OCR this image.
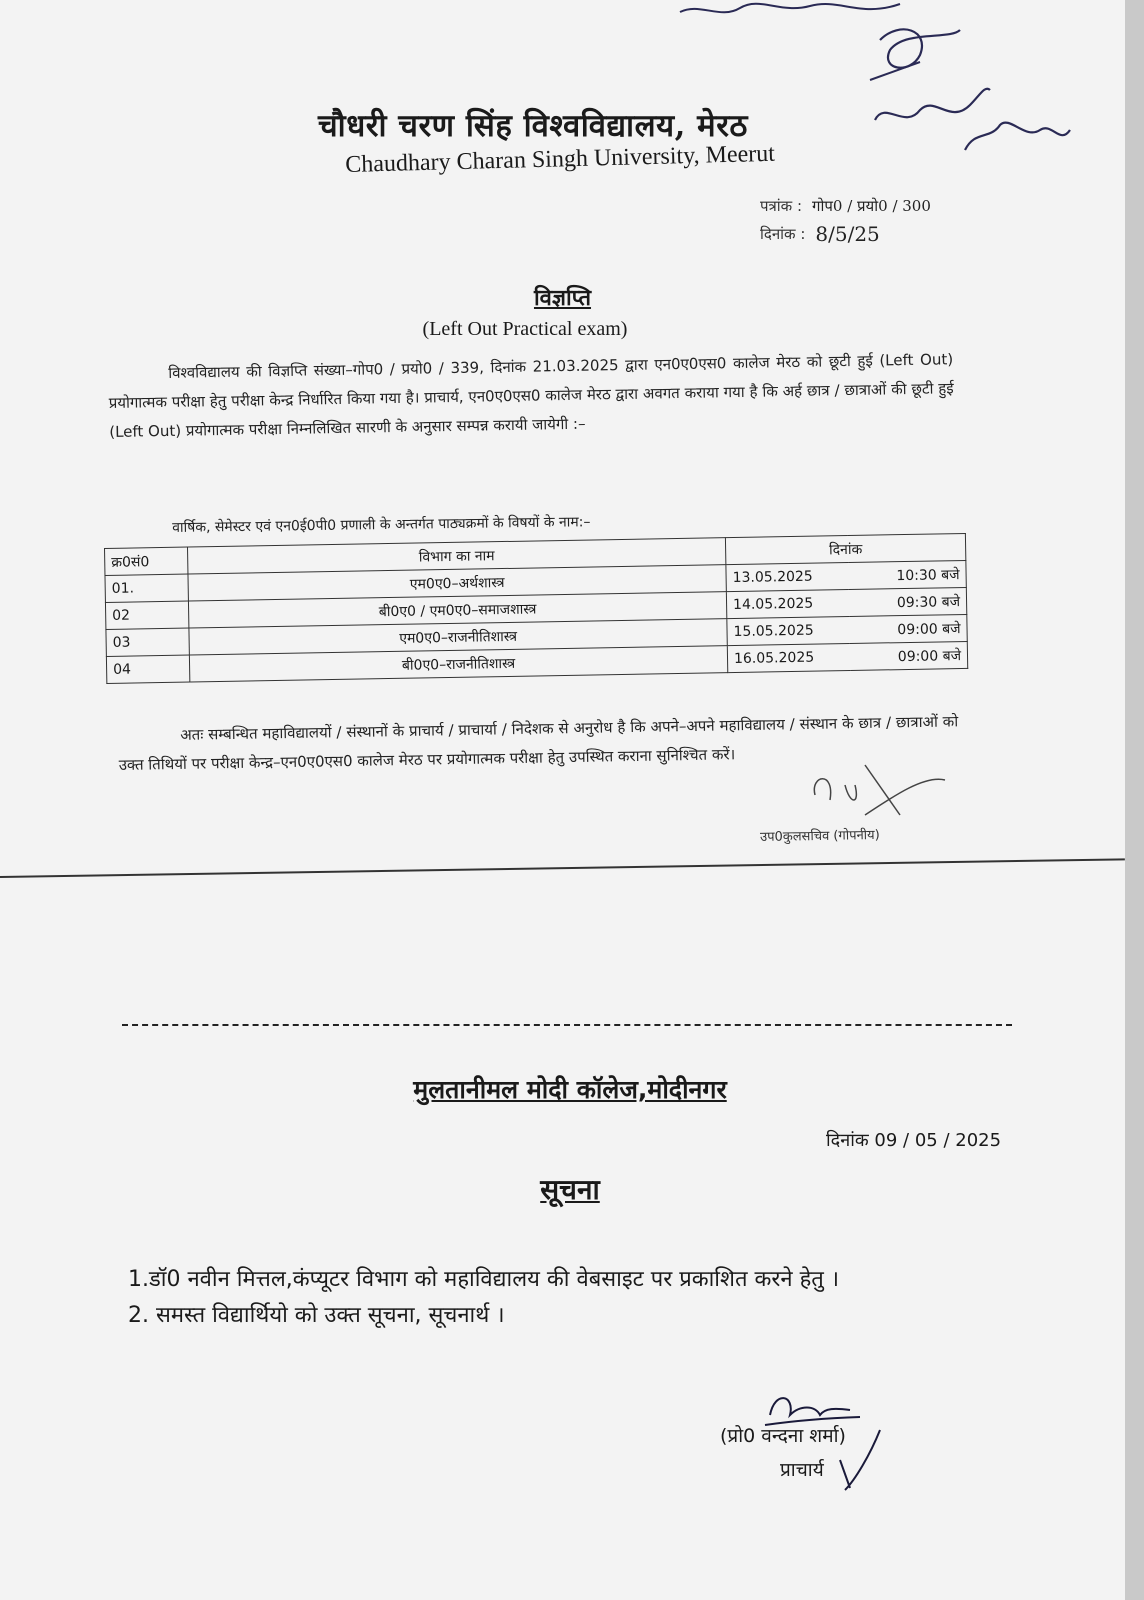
चौधरी चरण सिंह विश्वविद्यालय, मेरठ
Chaudhary Charan Singh University, Meerut
पत्रांक : गोप0 / प्रयो0 / 300
दिनांक : 8/5/25
विज्ञप्ति
(Left Out Practical exam)
विश्वविद्यालय की विज्ञप्ति संख्या–गोप0 / प्रयो0 / 339, दिनांक 21.03.2025 द्वारा एन0ए0एस0 कालेज मेरठ को छूटी हुई (Left Out) प्रयोगात्मक परीक्षा हेतु परीक्षा केन्द्र निर्धारित किया गया है। प्राचार्य, एन0ए0एस0 कालेज मेरठ द्वारा अवगत कराया गया है कि अर्ह छात्र / छात्राओं की छूटी हुई (Left Out) प्रयोगात्मक परीक्षा निम्नलिखित सारणी के अनुसार सम्पन्न करायी जायेगी :–
वार्षिक, सेमेस्टर एवं एन0ई0पी0 प्रणाली के अन्तर्गत पाठ्यक्रमों के विषयों के नाम:–
क्र0सं0	विभाग का नाम	दिनांक	
01.	एम0ए0–अर्थशास्त्र	13.05.2025	10:30 बजे
02	बी0ए0 / एम0ए0–समाजशास्त्र	14.05.2025	09:30 बजे
03	एम0ए0–राजनीतिशास्त्र	15.05.2025	09:00 बजे
04	बी0ए0–राजनीतिशास्त्र	16.05.2025	09:00 बजे
अतः सम्बन्धित महाविद्यालयों / संस्थानों के प्राचार्य / प्राचार्या / निदेशक से अनुरोध है कि अपने–अपने महाविद्यालय / संस्थान के छात्र / छात्राओं को उक्त तिथियों पर परीक्षा केन्द्र–एन0ए0एस0 कालेज मेरठ पर प्रयोगात्मक परीक्षा हेतु उपस्थित कराना सुनिश्चित करें।
उप0कुलसचिव (गोपनीय)
मुलतानीमल मोदी कॉलेज,मोदीनगर
दिनांक 09 / 05 / 2025
सूचना
1.डॉ0 नवीन मित्तल,कंप्यूटर विभाग को महाविद्यालय की वेबसाइट पर प्रकाशित करने हेतु ।
2. समस्त विद्यार्थियो को उक्त सूचना, सूचनार्थ ।
(प्रो0 वन्दना शर्मा)
प्राचार्य
